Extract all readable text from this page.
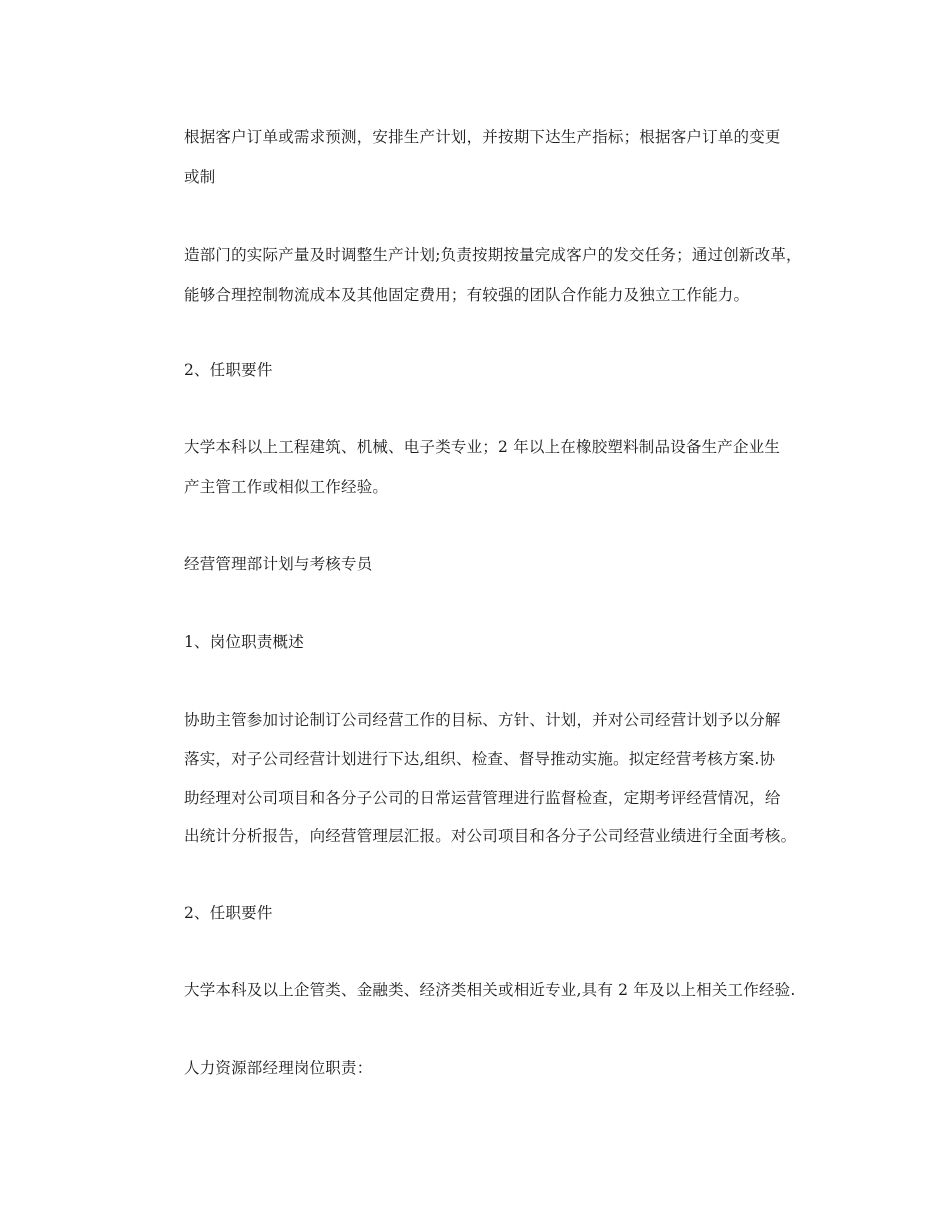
根据客户订单或需求预测，安排生产计划，并按期下达生产指标；根据客户订单的变更
或制
造部门的实际产量及时调整生产计划;负责按期按量完成客户的发交任务；通过创新改革，
能够合理控制物流成本及其他固定费用；有较强的团队合作能力及独立工作能力。
2、任职要件
大学本科以上工程建筑、机械、电子类专业；2 年以上在橡胶塑料制品设备生产企业生
产主管工作或相似工作经验。
经营管理部计划与考核专员
1、岗位职责概述
协助主管参加讨论制订公司经营工作的目标、方针、计划，并对公司经营计划予以分解
落实，对子公司经营计划进行下达,组织、检查、督导推动实施。拟定经营考核方案.协
助经理对公司项目和各分子公司的日常运营管理进行监督检查，定期考评经营情况，给
出统计分析报告，向经营管理层汇报。对公司项目和各分子公司经营业绩进行全面考核。
2、任职要件
大学本科及以上企管类、金融类、经济类相关或相近专业,具有 2 年及以上相关工作经验.
人力资源部经理岗位职责：
